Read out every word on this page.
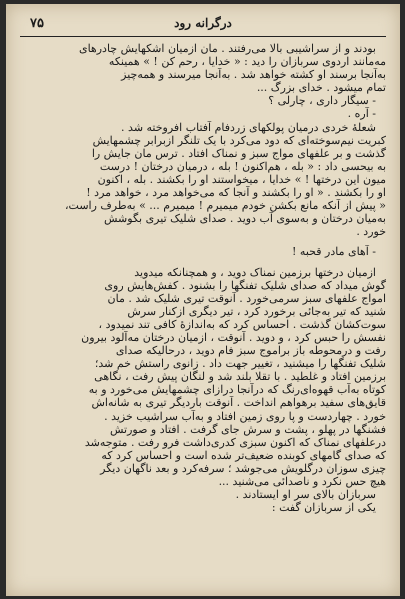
درگرانه رود
۷۵
بودند و از سراشیبی بالا می‌رفتند . مان ازمیان اشکهایش چادرهای
مه‌مانند اردوی سربازان را دید : « خدایا ، رحم کن ! » همینکه
به‌آنجا برسند او کشته خواهد شد . به‌آنجا میرسند و همه‌چیز
تمام میشود . خدای بزرگ ...
- سیگار داری ، چارلی ؟
- آره .
شعلهٔ خردی درمیان پولکهای زردفام آفتاب افروخته شد .
کبریت نیم‌سوخته‌ای که دود می‌کرد با یک تلنگر ازبرابر چشمهایش
گذشت و بر علفهای مواج سبز و نمناک افتاد . ترس مان جایش را
به بیحسی داد : « بله ، هم‌اکنون ! بله ، درمیان درختان ! درست
میون این درختها ! » خدایا ، میخواستند او را بکشند . بله ، اکنون
او را بکشند . « او را بکشند و آنجا که می‌خواهد مرد ، خواهد مرد !
« پیش از آنکه مانع بکشن خودم میمیرم ! میمیرم ... » به‌طرف راست،
به‌میان درختان و به‌سوی آب دوید . صدای شلیک تیری بگوشش
خورد .
- آهای مادر قحبه !
ازمیان درختها برزمین نمناک دوید ، و همچنانکه میدوید
گوش میداد که صدای شلیک تفنگها را بشنود . کفش‌هایش روی
امواج علفهای سبز سرمی‌خورد . آنوقت تیری شلیک شد . مان
شنید که تیر به‌جائی برخورد کرد ، تیر دیگری ازکنار سرش
سوت‌کشان گذشت . احساس کرد که به‌اندازهٔ کافی تند نمیدود ،
نفسش را حبس کرد ، و دوید . آنوقت ، ازمیان درختان مه‌آلود بیرون
رفت و درمحوطه باز براموج سبز فام دوید ، درحالیکه صدای
شلیک تفنگها را میشنید ، تغییر جهت داد . زانوی راستش خم شد؛
برزمین افتاد و غلطید . با تقلا بلند شد و لنگان پیش رفت ، نگاهی
کوتاه به‌آب قهوه‌ای‌رنگ که درآنجا درازای چشمهایش می‌خورد و به
قایق‌های سفید برهواهم انداخت . آنوقت باردیگر تیری به شانه‌اش
خورد . چهاردست و پا روی زمین افتاد و به‌آب سراشیب خزید .
فشنگها در پهلو ، پشت و سرش جای گرفت . افتاد و صورتش
درعلفهای نمناک که اکنون سبزی کدری‌داشت فرو رفت . متوجه‌شد
که صدای گامهای کوبنده ضعیف‌تر شده است و احساس کرد که
چیزی سوزان درگلویش می‌جوشد ؛ سرفه‌کرد و بعد ناگهان دیگر
هیچ حس نکرد و ناصدائی می‌شنید ...
سربازان بالای سر او ایستادند .
یکی از سربازان گفت :
